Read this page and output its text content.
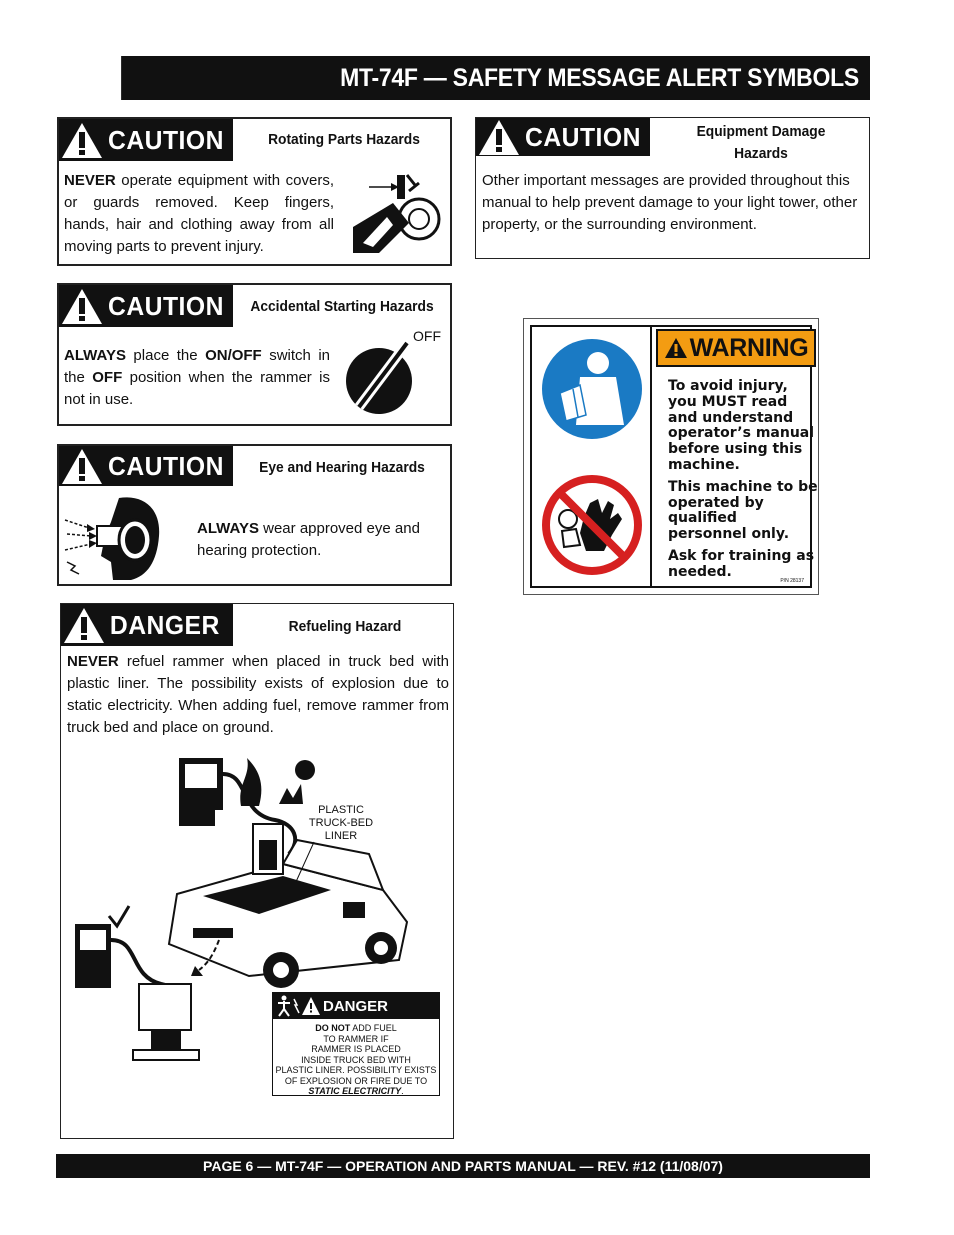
MT-74F — SAFETY MESSAGE ALERT SYMBOLS
CAUTION	Rotating Parts Hazards
NEVER operate equipment with covers, or guards removed. Keep fingers, hands, hair and clothing away from all moving parts to prevent injury.
CAUTION	Equipment Damage
Hazards
Other important messages are provided throughout this manual to help prevent damage to your light tower, other property, or the surrounding environment.
CAUTION	Accidental Starting Hazards
ALWAYS place the ON/OFF switch in the OFF position when the rammer is not in use.
OFF
CAUTION	Eye and Hearing Hazards
ALWAYS wear approved eye and hearing protection.
WARNING

To avoid injury, you MUST read and understand operator’s manual before using this machine.

This machine to be operated by qualified personnel only.

Ask for training as needed.

P/N 28137
DANGER	Refueling Hazard
NEVER refuel rammer when placed in truck bed with plastic liner. The possibility exists of explosion due to static electricity. When adding fuel, remove rammer from truck bed and place on ground.
PLASTIC
TRUCK-BED
LINER
DANGER
DO NOT ADD FUEL
TO RAMMER IF
RAMMER IS PLACED
INSIDE TRUCK BED WITH
PLASTIC LINER. POSSIBILITY EXISTS
OF EXPLOSION OR FIRE DUE TO
STATIC ELECTRICITY.
PAGE 6 — MT-74F — OPERATION AND PARTS MANUAL — REV. #12 (11/08/07)
